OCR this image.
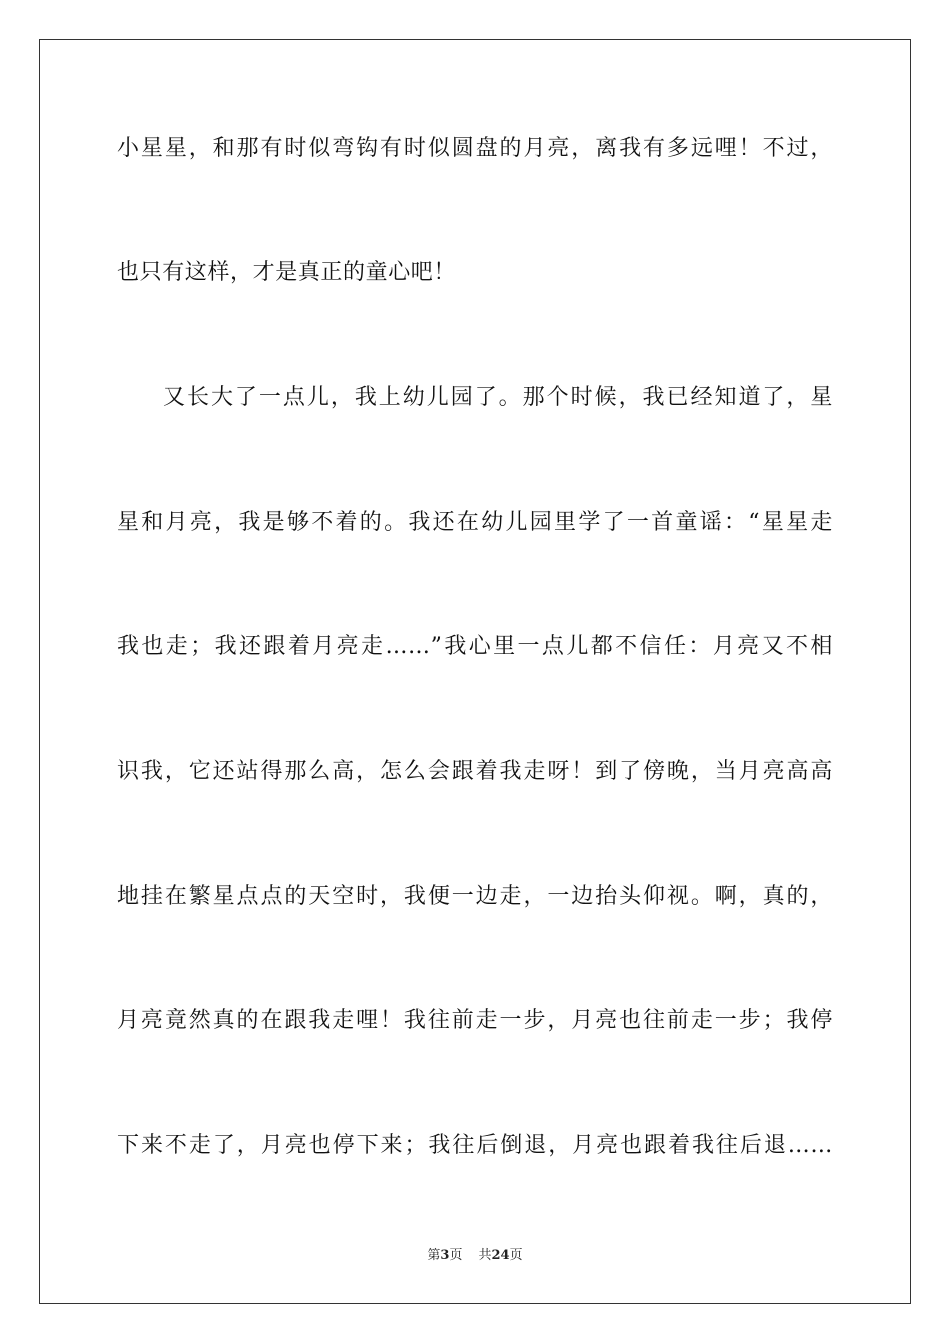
小星星，和那有时似弯钩有时似圆盘的月亮，离我有多远哩！不过，
也只有这样，才是真正的童心吧！
又长大了一点儿，我上幼儿园了。那个时候，我已经知道了，星
星和月亮，我是够不着的。我还在幼儿园里学了一首童谣：“星星走
我也走；我还跟着月亮走……”我心里一点儿都不信任：月亮又不相
识我，它还站得那么高，怎么会跟着我走呀！到了傍晚，当月亮高高
地挂在繁星点点的天空时，我便一边走，一边抬头仰视。啊，真的，
月亮竟然真的在跟我走哩！我往前走一步，月亮也往前走一步；我停
下来不走了，月亮也停下来；我往后倒退，月亮也跟着我往后退……
第3页 共24页
